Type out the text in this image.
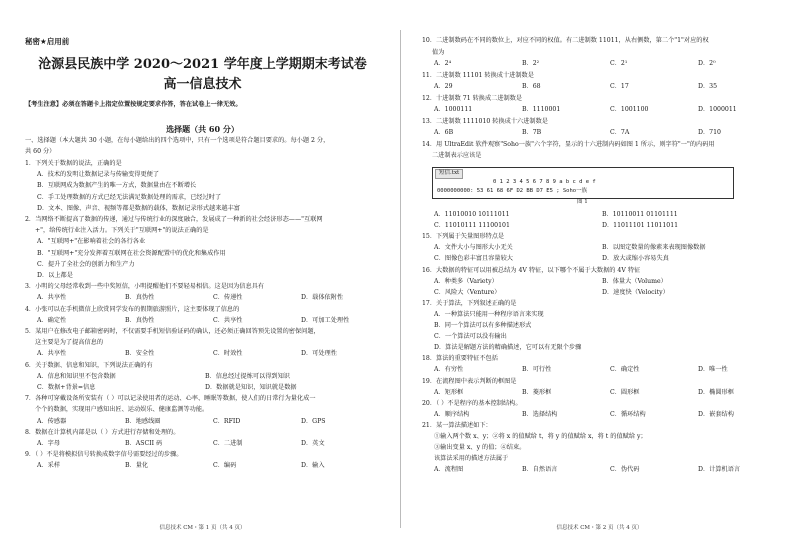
秘密★启用前
沧源县民族中学 2020～2021 学年度上学期期末考试卷
高一信息技术
【考生注意】必须在答题卡上指定位置按规定要求作答，答在试卷上一律无效。
选择题（共 60 分）
一、选择题（本大题共 30 小题，在每小题给出的四个选项中，只有一个选项是符合题目要求的。每小题 2 分，
共 60 分）
1．下列关于数据的说法，正确的是
A．技术的发明让数据记录与传输变得更便了
B．互联网成为数据产生的唯一方式，数据量由在不断增长
C．手工处理数据的方式已经无法满足数据处理的需求，已经过时了
D．文本、图像、声音、视频等都是数据的载体，数据记录形式越来越丰富
2．当网络不断提高了数据的传递，通过与传统行业的深度融合，发展成了一种新的社会经济形态——"互联网
+"，给传统行业注入活力。下列关于"互联网+"的说法正确的是
A．"互联网+"在影响着社会的各行各业
B．"互联网+"充分发挥着互联网在社会资源配置中的优化和集成作用
C．提升了全社会的创新力和生产力
D．以上都是
3．小明的父母经常收到一些中奖短信，小明提醒他们不要轻易相信。这是因为信息具有
A．共享性	B．真伪性	C．传递性	D．载体依附性
4．小张可以在手机微信上欣赏同学发布的假期旅游照片，这主要体现了信息的
A．确定性	B．真伪性	C．共享性	D．可加工处理性
5．某用户在修改电子邮箱密码时，不仅需要手机短信验证码的确认，还必须正确回答预先设置的密保问题，
这主要是为了提高信息的
A．共享性	B．安全性	C．时效性	D．可处理性
6．关于数据、信息和知识，下列说法正确的有
A．信息和知识里不包含数据	B．信息经过提炼可以得到知识
C．数据+背景=信息	D．数据就是知识，知识就是数据
7．各种可穿戴设备所安装有（ ）可以记录使用者的运动、心率、睡眠等数据，使人们的日常行为量化成一
个个的数据，实现用户感知出匠、运动娱乐、健康监测等功能。
A．传感器	B．地感线圈	C．RFID	D．GPS
8．数据在计算机内部是以（ ）方式进行存储和处理的。
A．字母	B．ASCII 码	C．二进制	D．英文
9．（ ）不是将模拟信号转换成数字信号需要经过的步骤。
A．采样	B．量化	C．编码	D．输入
信息技术 CM・第 1 页（共 4 页）
10．二进制数码在不同的数位上，对应不同的权值。有二进制数 11011，从右侧数，第二个"1"对应的权
值为
A．2⁴	B．2²	C．2¹	D．2⁰
11．二进制数 11101 转换成十进制数是
A．29	B．68	C．17	D．35
12．十进制数 71 转换成二进制数是
A．1000111	B．1110001	C．1001100	D．1000011
13．二进制数 1111010 转换成十六进制数是
A．6B	B．7B	C．7A	D．710
14．用 UltraEdit 软件观察"Soho一族"六个字符，显示的十六进制内码如图 1 所示，则字符"一"的内码用
二进制表示应该是
短信.txt
0 1 2 3 4 5 6 7 8 9 a b c d e f
0000000000: 53 61 68 6F D2 BB D7 E5 ; Soho一族
图 1
A．11010010 10111011	B．10110011 01101111
C．11010111 11100101	D．11011101 11011011
15．下列属于矢量图形特点是
A．文件大小与图形大小无关	B．以图定数量的像素来表现图像数据
C．图像色彩丰富且容量较大	D．放大或缩小容易失真
16．大数据的特征可以用被总结为 4V 特征，以下哪个不属于大数据的 4V 特征
A．种类多（Variety）	B．体量大（Volume）
C．风险大（Venture）	D．速度快（Velocity）
17．关于算法，下列叙述正确的是
A．一种算法只能用一种程序语言来实现
B．同一个算法可以有多种描述形式
C．一个算法可以没有输出
D．算法是解题方法的精确描述，它可以有无限个步骤
18．算法的重要特征不包括
A．有穷性	B．可行性	C．确定性	D．唯一性
19．在流程图中表示判断的框图是
A．矩形框	B．菱形框	C．圆形框	D．椭圆形框
20．（ ）不是程序的基本控制结构。
A．顺序结构	B．选择结构	C．循环结构	D．嵌套结构
21．某一算法描述如下：
①输入两个数 x、y；②将 x 的值赋给 t，将 y 的值赋给 x，将 t 的值赋给 y；
③输出变量 x、y 的值；④结束。
该算法采用的描述方法属于
A．流程图	B．自然语言	C．伪代码	D．计算机语言
信息技术 CM・第 2 页（共 4 页）
